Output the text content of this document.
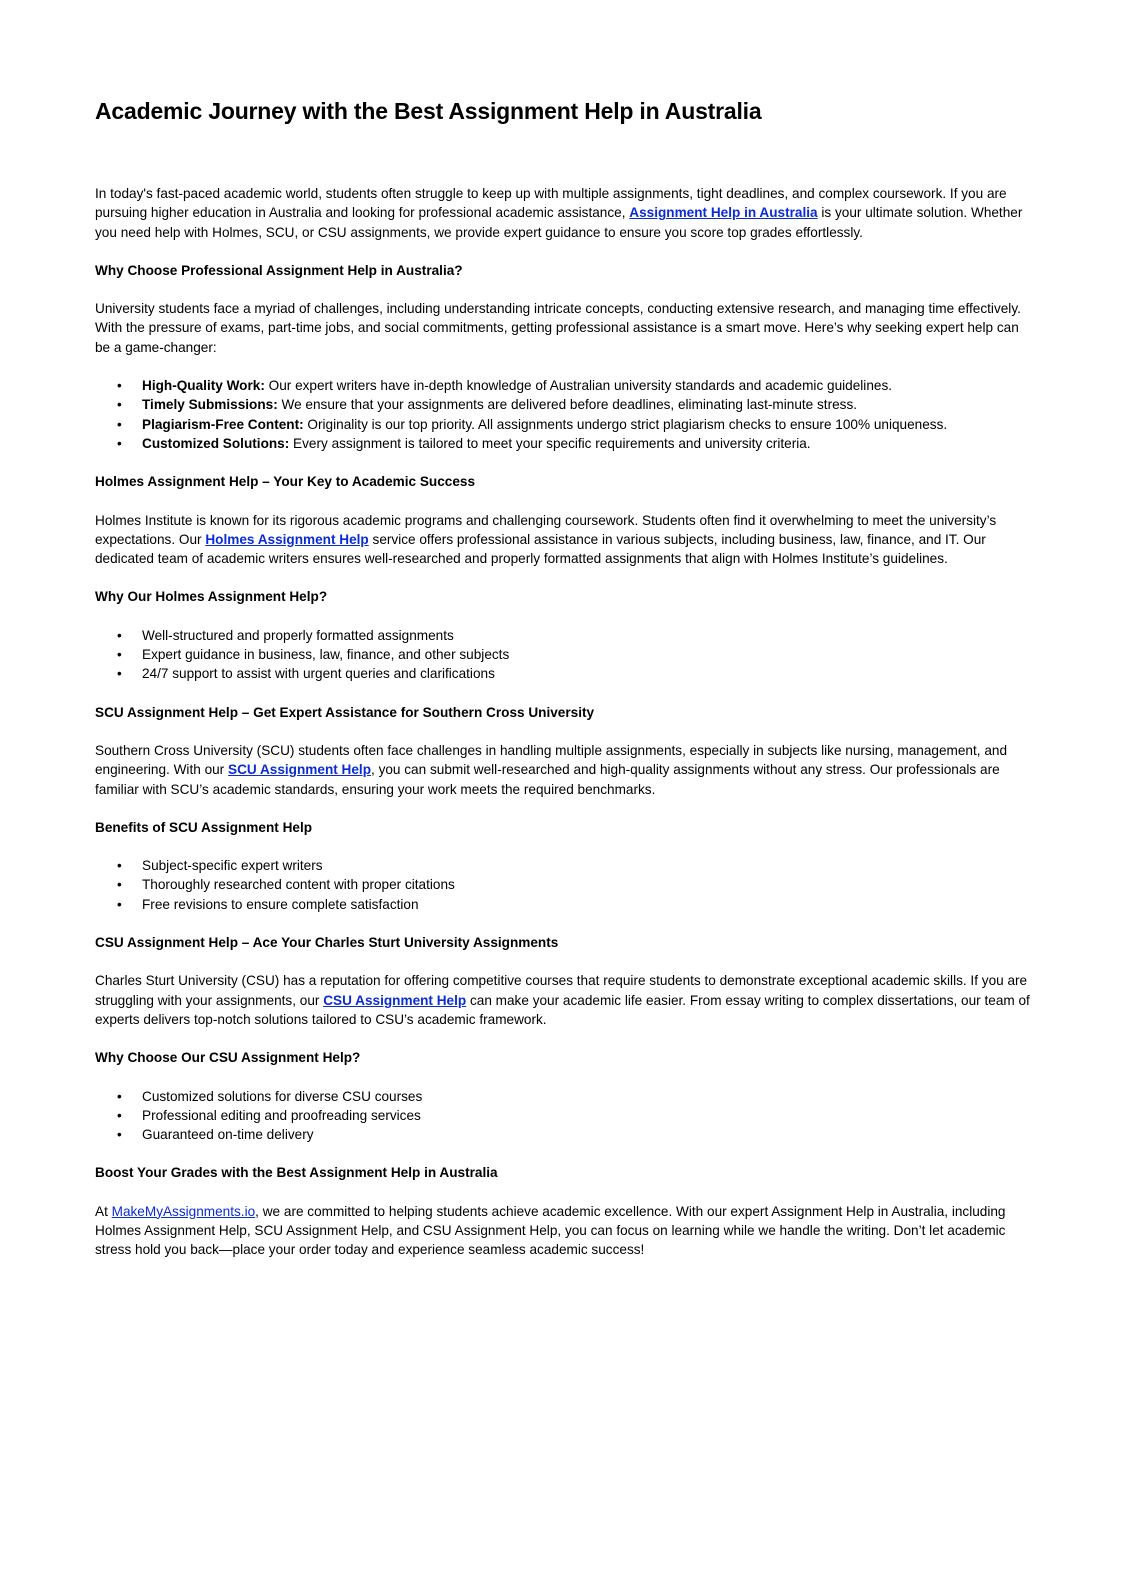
Academic Journey with the Best Assignment Help in Australia

In today's fast-paced academic world, students often struggle to keep up with multiple assignments, tight deadlines, and complex coursework. If you are pursuing higher education in Australia and looking for professional academic assistance, Assignment Help in Australia is your ultimate solution. Whether you need help with Holmes, SCU, or CSU assignments, we provide expert guidance to ensure you score top grades effortlessly.

Why Choose Professional Assignment Help in Australia?

University students face a myriad of challenges, including understanding intricate concepts, conducting extensive research, and managing time effectively. With the pressure of exams, part-time jobs, and social commitments, getting professional assistance is a smart move. Here’s why seeking expert help can be a game-changer:

• High-Quality Work: Our expert writers have in-depth knowledge of Australian university standards and academic guidelines.
• Timely Submissions: We ensure that your assignments are delivered before deadlines, eliminating last-minute stress.
• Plagiarism-Free Content: Originality is our top priority. All assignments undergo strict plagiarism checks to ensure 100% uniqueness.
• Customized Solutions: Every assignment is tailored to meet your specific requirements and university criteria.
Holmes Assignment Help – Your Key to Academic Success

Holmes Institute is known for its rigorous academic programs and challenging coursework. Students often find it overwhelming to meet the university’s expectations. Our Holmes Assignment Help service offers professional assistance in various subjects, including business, law, finance, and IT. Our dedicated team of academic writers ensures well-researched and properly formatted assignments that align with Holmes Institute’s guidelines.

Why Our Holmes Assignment Help?
• Well-structured and properly formatted assignments
• Expert guidance in business, law, finance, and other subjects
• 24/7 support to assist with urgent queries and clarifications
SCU Assignment Help – Get Expert Assistance for Southern Cross University

Southern Cross University (SCU) students often face challenges in handling multiple assignments, especially in subjects like nursing, management, and engineering. With our SCU Assignment Help, you can submit well-researched and high-quality assignments without any stress. Our professionals are familiar with SCU’s academic standards, ensuring your work meets the required benchmarks.

Benefits of SCU Assignment Help
• Subject-specific expert writers
• Thoroughly researched content with proper citations
• Free revisions to ensure complete satisfaction
CSU Assignment Help – Ace Your Charles Sturt University Assignments

Charles Sturt University (CSU) has a reputation for offering competitive courses that require students to demonstrate exceptional academic skills. If you are struggling with your assignments, our CSU Assignment Help can make your academic life easier. From essay writing to complex dissertations, our team of experts delivers top-notch solutions tailored to CSU’s academic framework.

Why Choose Our CSU Assignment Help?
• Customized solutions for diverse CSU courses
• Professional editing and proofreading services
• Guaranteed on-time delivery
Boost Your Grades with the Best Assignment Help in Australia

At MakeMyAssignments.io, we are committed to helping students achieve academic excellence. With our expert Assignment Help in Australia, including Holmes Assignment Help, SCU Assignment Help, and CSU Assignment Help, you can focus on learning while we handle the writing. Don’t let academic stress hold you back—place your order today and experience seamless academic success!
